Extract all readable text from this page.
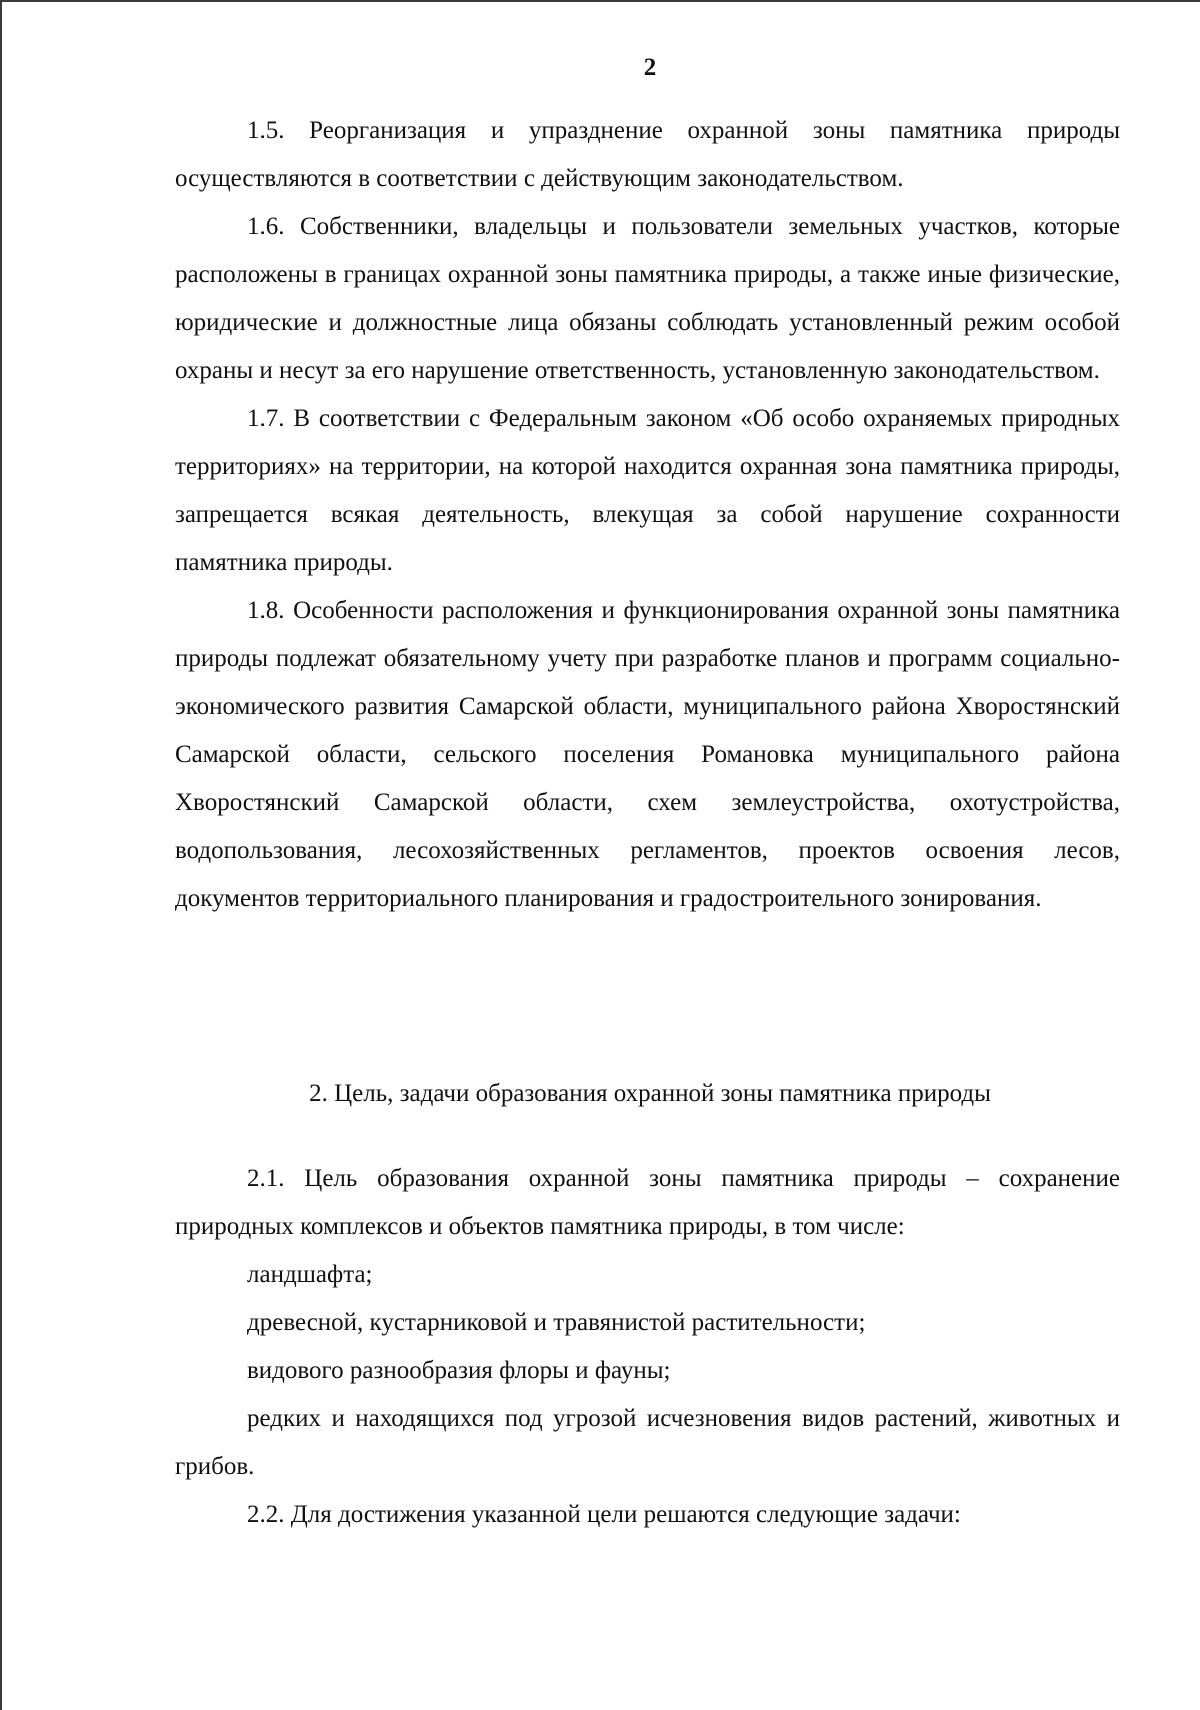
2

1.5. Реорганизация и упразднение охранной зоны памятника природы осуществляются в соответствии с действующим законодательством.

1.6. Собственники, владельцы и пользователи земельных участков, которые расположены в границах охранной зоны памятника природы, а также иные физические, юридические и должностные лица обязаны соблюдать установленный режим особой охраны и несут за его нарушение ответственность, установленную законодательством.

1.7. В соответствии с Федеральным законом «Об особо охраняемых природных территориях» на территории, на которой находится охранная зона памятника природы, запрещается всякая деятельность, влекущая за собой нарушение сохранности памятника природы.

1.8. Особенности расположения и функционирования охранной зоны памятника природы подлежат обязательному учету при разработке планов и программ социально-экономического развития Самарской области, муниципального района Хворостянский Самарской области, сельского поселения Романовка муниципального района Хворостянский Самарской области, схем землеустройства, охотустройства, водопользования, лесохозяйственных регламентов, проектов освоения лесов, документов территориального планирования и градостроительного зонирования.

2. Цель, задачи образования охранной зоны памятника природы

2.1. Цель образования охранной зоны памятника природы – сохранение природных комплексов и объектов памятника природы, в том числе:

ландшафта;

древесной, кустарниковой и травянистой растительности;

видового разнообразия флоры и фауны;

редких и находящихся под угрозой исчезновения видов растений, животных и грибов.

2.2. Для достижения указанной цели решаются следующие задачи:
